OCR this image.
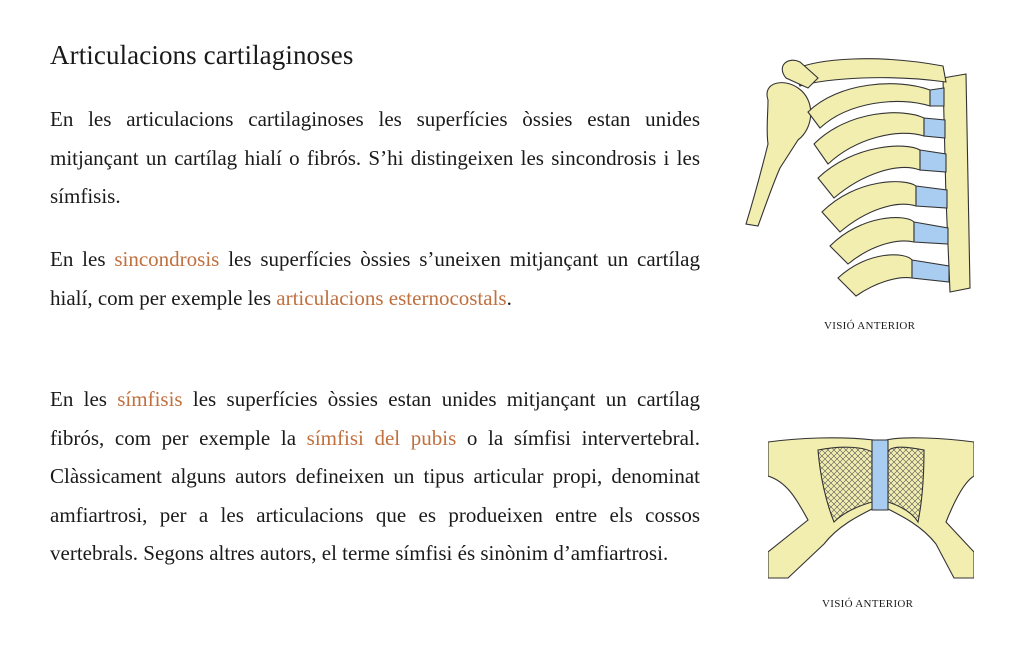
Articulacions cartilaginoses

En les articulacions cartilaginoses les superfícies òssies estan unides mitjançant un cartílag hialí o fibrós. S’hi distingeixen les sincondrosis i les símfisis.

En les sincondrosis les superfícies òssies s’uneixen mitjançant un cartílag hialí, com per exemple les articulacions esternocostals.

En les símfisis les superfícies òssies estan unides mitjançant un cartílag fibrós, com per exemple la símfisi del pubis o la símfisi intervertebral. Clàssicament alguns autors defineixen un tipus articular propi, denominat amfiartrosi, per a les articulacions que es produeixen entre els cossos vertebrals. Segons altres autors, el terme símfisi és sinònim d’amfiartrosi.

VISIÓ ANTERIOR
VISIÓ ANTERIOR
